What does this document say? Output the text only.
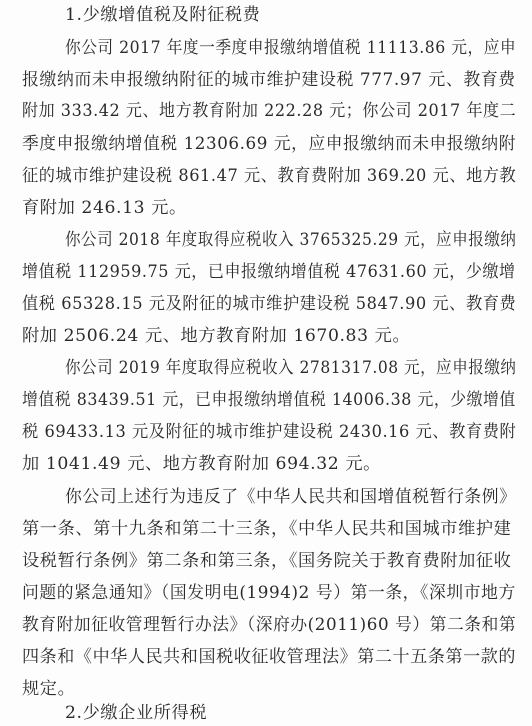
1.少缴增值税及附征税费
你公司 2017 年度一季度申报缴纳增值税 11113.86 元，应申
报缴纳而未申报缴纳附征的城市维护建设税 777.97 元、教育费
附加 333.42 元、地方教育附加 222.28 元；你公司 2017 年度二
季度申报缴纳增值税 12306.69 元，应申报缴纳而未申报缴纳附
征的城市维护建设税 861.47 元、教育费附加 369.20 元、地方教
育附加 246.13 元。
你公司 2018 年度取得应税收入 3765325.29 元，应申报缴纳
增值税 112959.75 元，已申报缴纳增值税 47631.60 元，少缴增
值税 65328.15 元及附征的城市维护建设税 5847.90 元、教育费
附加 2506.24 元、地方教育附加 1670.83 元。
你公司 2019 年度取得应税收入 2781317.08 元，应申报缴纳
增值税 83439.51 元，已申报缴纳增值税 14006.38 元，少缴增值
税 69433.13 元及附征的城市维护建设税 2430.16 元、教育费附
加 1041.49 元、地方教育附加 694.32 元。
你公司上述行为违反了《中华人民共和国增值税暂行条例》
第一条、第十九条和第二十三条，《中华人民共和国城市维护建
设税暂行条例》第二条和第三条，《国务院关于教育费附加征收
问题的紧急通知》（国发明电(1994)2 号）第一条，《深圳市地方
教育附加征收管理暂行办法》（深府办(2011)60 号）第二条和第
四条和《中华人民共和国税收征收管理法》第二十五条第一款的
规定。
2.少缴企业所得税
